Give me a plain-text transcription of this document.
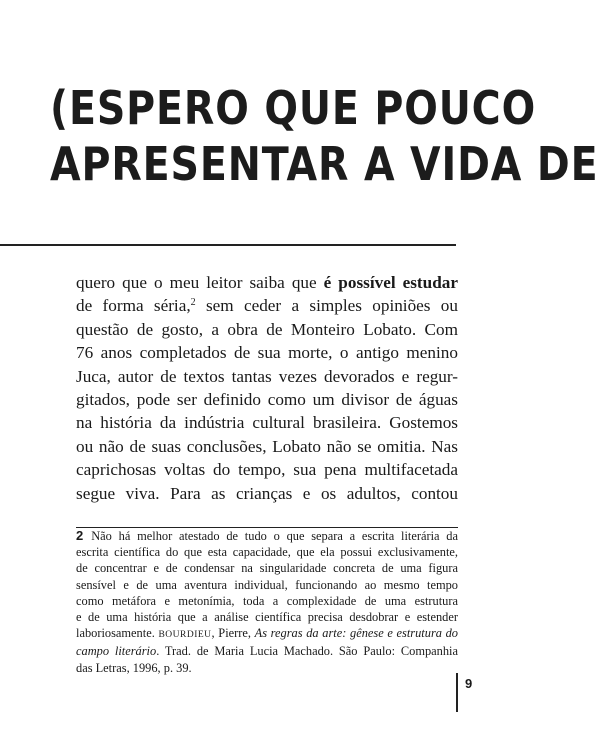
(ESPERO QUE POUCO
APRESENTAR A VIDA DE
quero que o meu leitor saiba que é possível estudar
de forma séria,$^2$ sem ceder a simples opiniões ou
questão de gosto, a obra de Monteiro Lobato. Com
76 anos completados de sua morte, o antigo menino
Juca, autor de textos tantas vezes devorados e regur-
gitados, pode ser definido como um divisor de águas
na história da indústria cultural brasileira. Gostemos
ou não de suas conclusões, Lobato não se omitia. Nas
caprichosas voltas do tempo, sua pena multifacetada
segue viva. Para as crianças e os adultos, contou
2 Não há melhor atestado de tudo o que separa a escrita literária da
escrita científica do que esta capacidade, que ela possui exclusivamente,
de concentrar e de condensar na singularidade concreta de uma figura
sensível e de uma aventura individual, funcionando ao mesmo tempo
como metáfora e metonímia, toda a complexidade de uma estrutura
e de uma história que a análise científica precisa desdobrar e estender
laboriosamente. BOURDIEU, Pierre, As regras da arte: gênese e estrutura do
campo literário. Trad. de Maria Lucia Machado. São Paulo: Companhia
das Letras, 1996, p. 39.
9
